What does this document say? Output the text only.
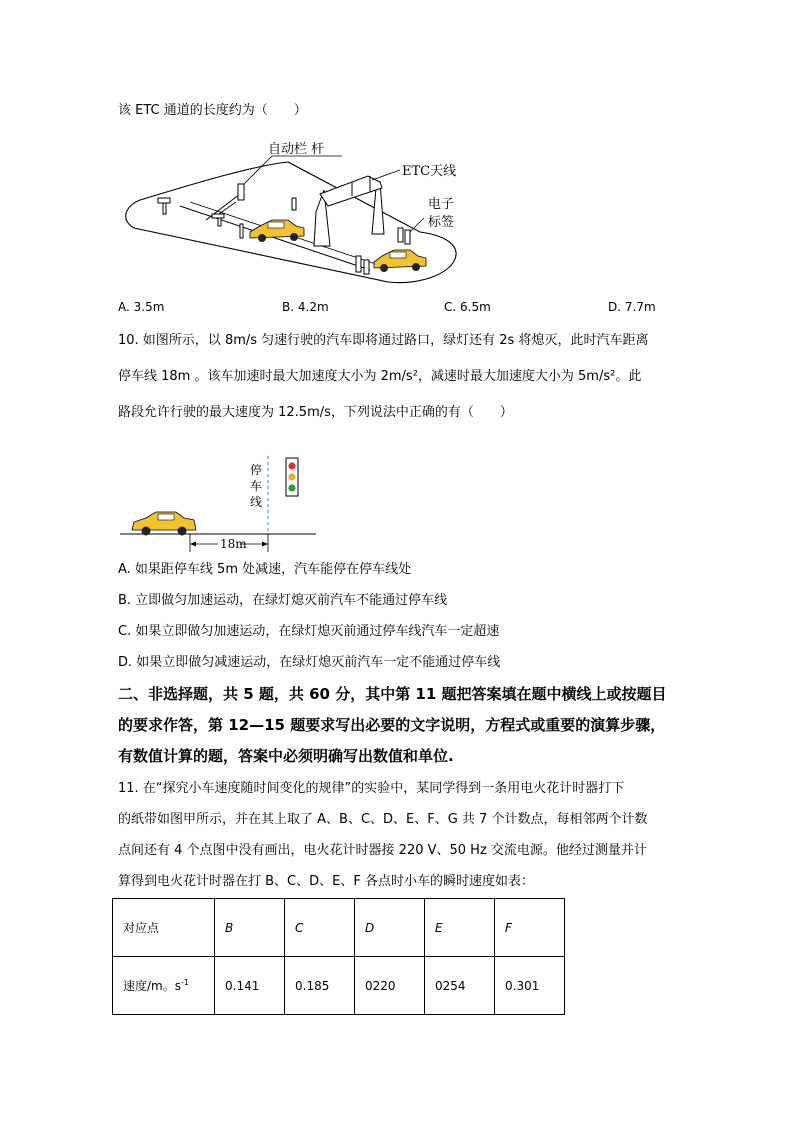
该 ETC 通道的长度约为（　　）
自动栏 杆
ETC天线
电子
标签
A. 3.5m	B. 4.2m	C. 6.5m	D. 7.7m
10. 如图所示，以 8m/s 匀速行驶的汽车即将通过路口，绿灯还有 2s 将熄灭，此时汽车距离
停车线 18m 。该车加速时最大加速度大小为 2m/s²，减速时最大加速度大小为 5m/s²。此
路段允许行驶的最大速度为 12.5m/s，下列说法中正确的有（　　）
停
车
线
18m
A. 如果距停车线 5m 处减速，汽车能停在停车线处
B. 立即做匀加速运动，在绿灯熄灭前汽车不能通过停车线
C. 如果立即做匀加速运动，在绿灯熄灭前通过停车线汽车一定超速
D. 如果立即做匀减速运动，在绿灯熄灭前汽车一定不能通过停车线
二、非选择题，共 5 题，共 60 分，其中第 11 题把答案填在题中横线上或按题目
的要求作答，第 12—15 题要求写出必要的文字说明，方程式或重要的演算步骤，
有数值计算的题，答案中必须明确写出数值和单位.
11. 在“探究小车速度随时间变化的规律”的实验中，某同学得到一条用电火花计时器打下
的纸带如图甲所示，并在其上取了 A、B、C、D、E、F、G 共 7 个计数点，每相邻两个计数
点间还有 4 个点图中没有画出，电火花计时器接 220 V、50 Hz 交流电源。他经过测量并计
算得到电火花计时器在打 B、C、D、E、F 各点时小车的瞬时速度如表：
对应点	B	C	D	E	F
速度/m。$s^{-1}$	0.141	0.185	0220	0254	0.301
